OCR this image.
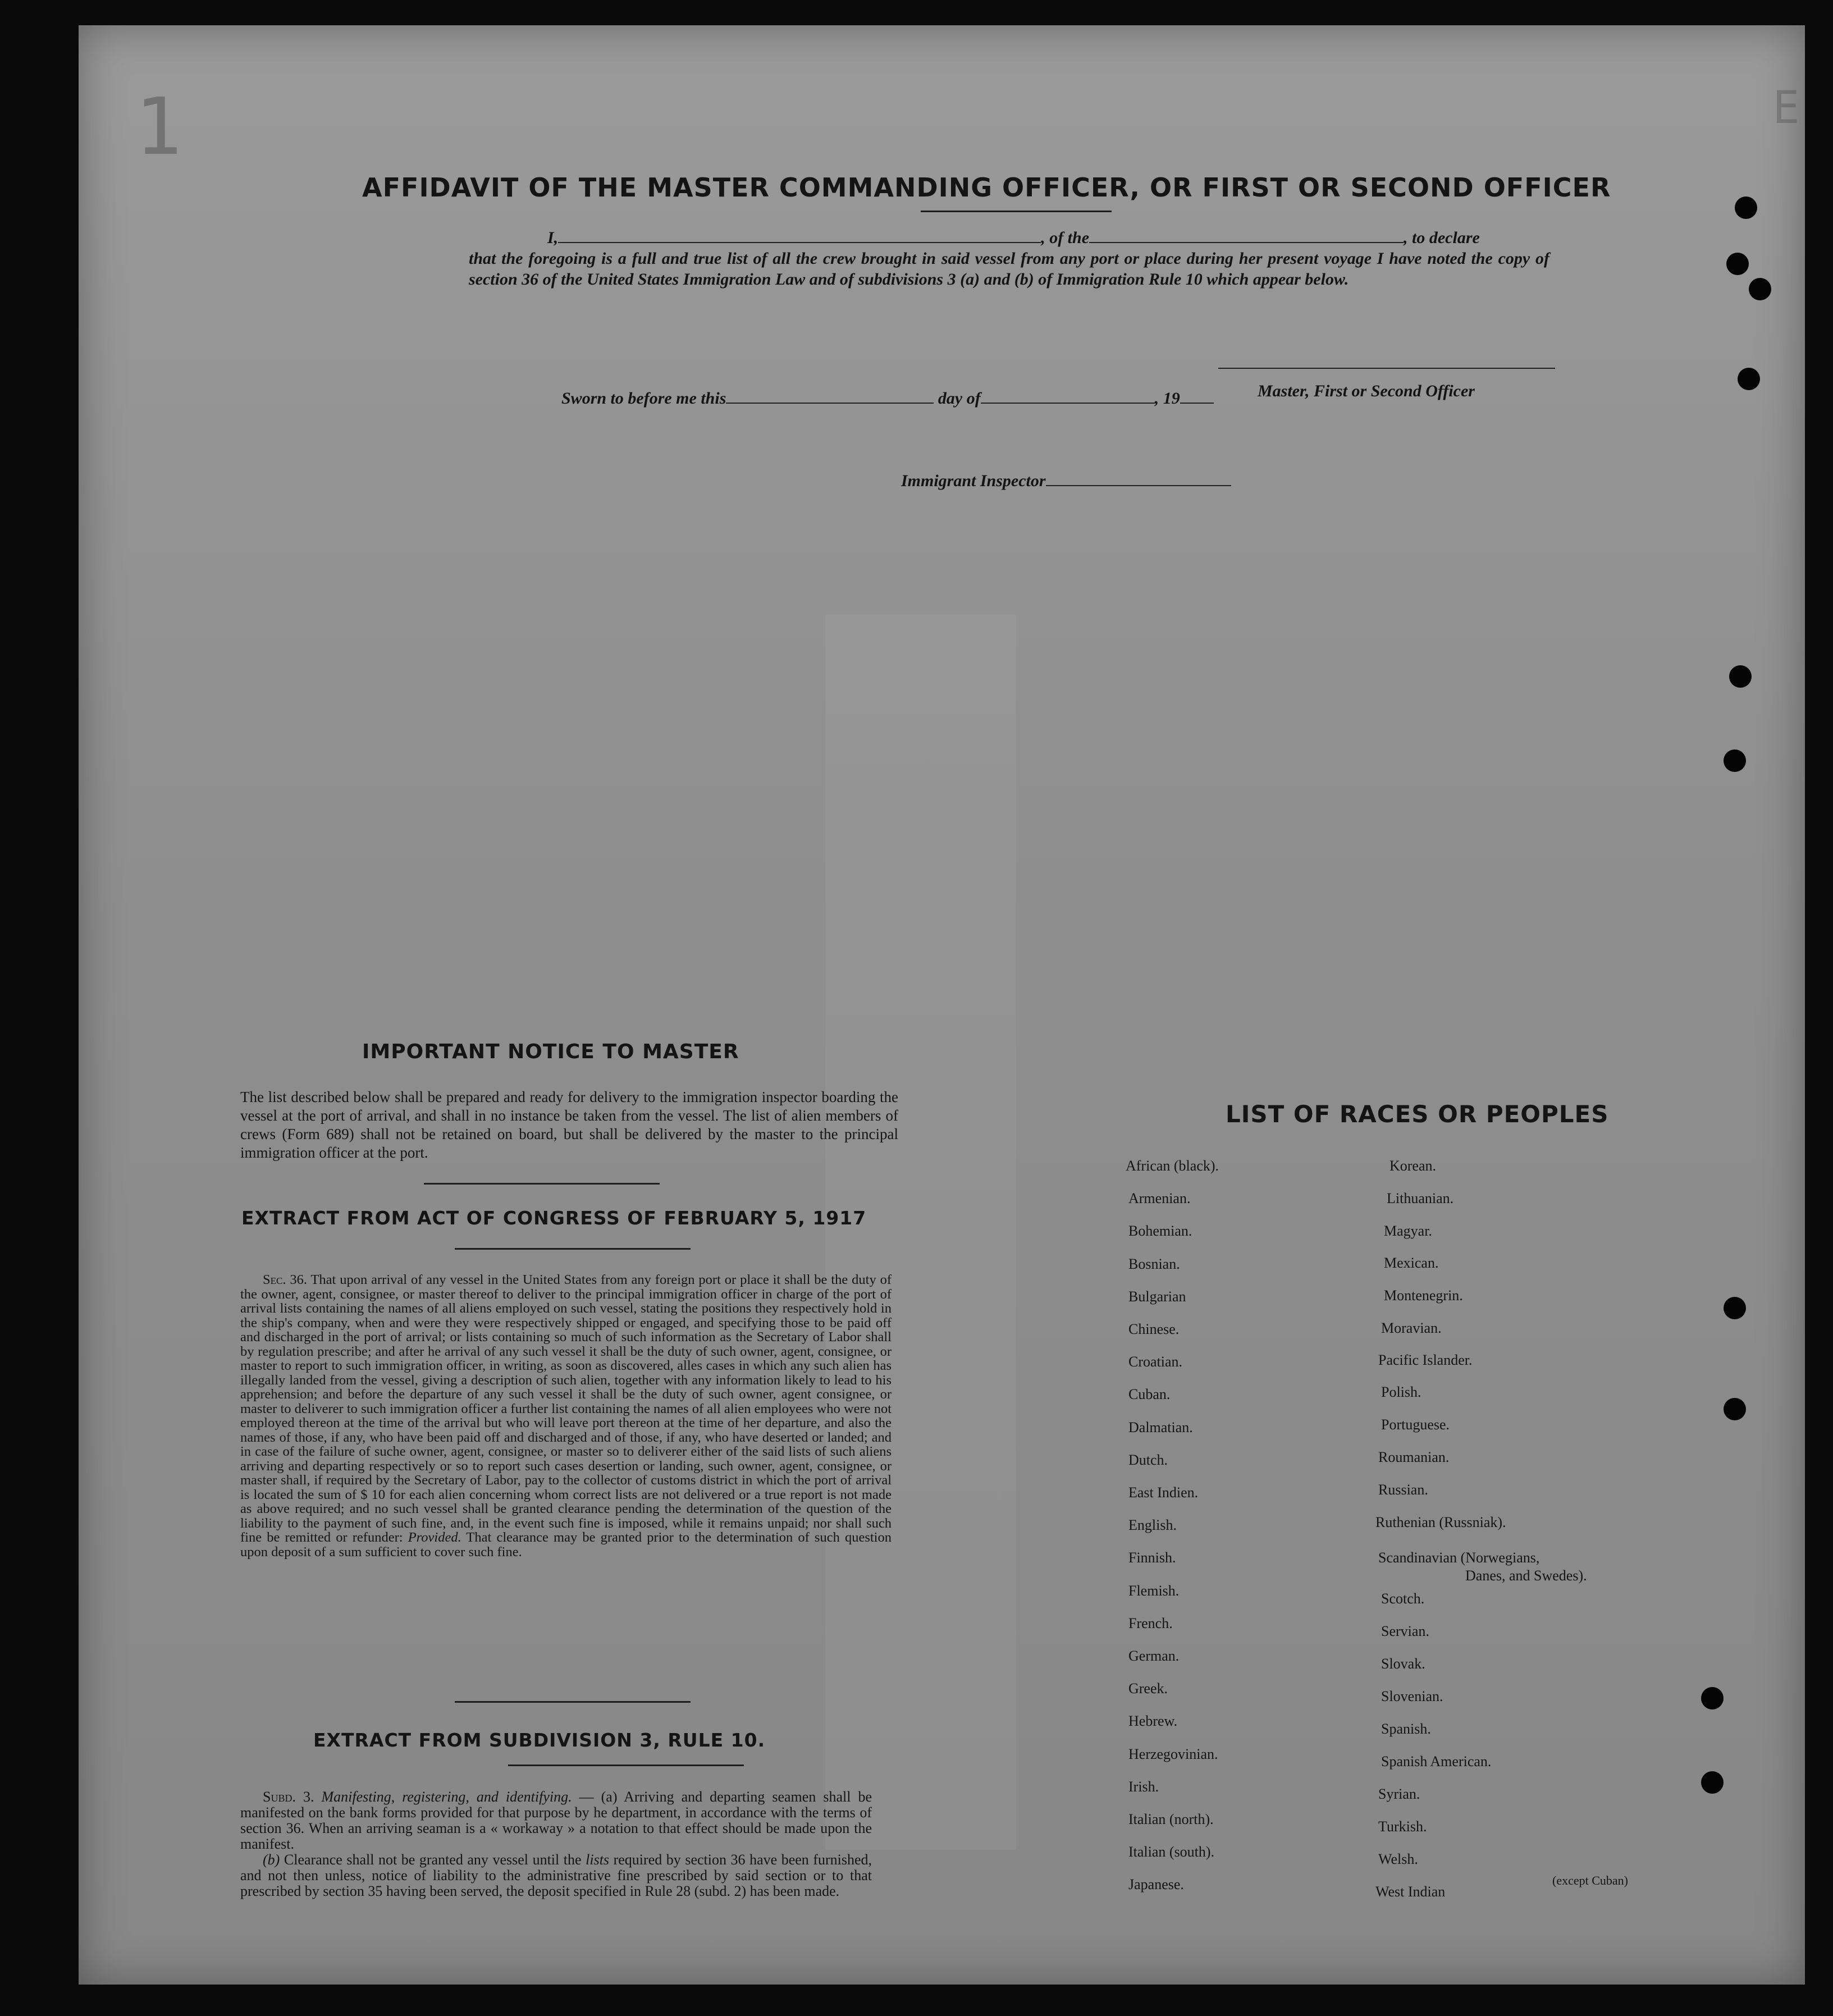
Ǝ
1
AFFIDAVIT OF THE MASTER COMMANDING OFFICER, OR FIRST OR SECOND OFFICER
I,	, of the	, to declare
that the foregoing is a full and true list of all the crew brought in said vessel from any port or place during her present voyage I have noted the copy of section 36 of the United States Immigration Law and of subdivisions 3 (a) and (b) of Immigration Rule 10 which appear below.
Master, First or Second Officer
Sworn to before me this	day of	, 19
Immigrant Inspector
IMPORTANT NOTICE TO MASTER
The list described below shall be prepared and ready for delivery to the immigration inspector boarding the vessel at the port of arrival, and shall in no instance be taken from the vessel. The list of alien members of crews (Form 689) shall not be retained on board, but shall be delivered by the master to the principal immigration officer at the port.
EXTRACT FROM ACT OF CONGRESS OF FEBRUARY 5, 1917
Sec. 36. That upon arrival of any vessel in the United States from any foreign port or place it shall be the duty of the owner, agent, consignee, or master thereof to deliver to the principal immigration officer in charge of the port of arrival lists containing the names of all aliens employed on such vessel, stating the positions they respectively hold in the ship's company, when and were they were respectively shipped or engaged, and specifying those to be paid off and discharged in the port of arrival; or lists containing so much of such information as the Secretary of Labor shall by regulation prescribe; and after he arrival of any such vessel it shall be the duty of such owner, agent, consignee, or master to report to such immigration officer, in writing, as soon as discovered, alles cases in which any such alien has illegally landed from the vessel, giving a description of such alien, together with any information likely to lead to his apprehension; and before the departure of any such vessel it shall be the duty of such owner, agent consignee, or master to deliverer to such immigration officer a further list containing the names of all alien employees who were not employed thereon at the time of the arrival but who will leave port thereon at the time of her departure, and also the names of those, if any, who have been paid off and discharged and of those, if any, who have deserted or landed; and in case of the failure of suche owner, agent, consignee, or master so to deliverer either of the said lists of such aliens arriving and departing respectively or so to report such cases desertion or landing, such owner, agent, consignee, or master shall, if required by the Secretary of Labor, pay to the collector of customs district in which the port of arrival is located the sum of $ 10 for each alien concerning whom correct lists are not delivered or a true report is not made as above required; and no such vessel shall be granted clearance pending the determination of the question of the liability to the payment of such fine, and, in the event such fine is imposed, while it remains unpaid; nor shall such fine be remitted or refunder: Provided. That clearance may be granted prior to the determination of such question upon deposit of a sum sufficient to cover such fine.
EXTRACT FROM SUBDIVISION 3, RULE 10.
Subd. 3. Manifesting, registering, and identifying. — (a) Arriving and departing seamen shall be manifested on the bank forms provided for that purpose by he department, in accordance with the terms of section 36. When an arriving seaman is a « workaway » a notation to that effect should be made upon the manifest.
(b) Clearance shall not be granted any vessel until the lists required by section 36 have been furnished, and not then unless, notice of liability to the administrative fine prescribed by said section or to that prescribed by section 35 having been served, the deposit specified in Rule 28 (subd. 2) has been made.
LIST OF RACES OR PEOPLES
Danes, and Swedes).
(except Cuban)
African (black).
Armenian.
Bohemian.
Bosnian.
Bulgarian
Chinese.
Croatian.
Cuban.
Dalmatian.
Dutch.
East Indien.
English.
Finnish.
Flemish.
French.
German.
Greek.
Hebrew.
Herzegovinian.
Irish.
Italian (north).
Italian (south).
Japanese.
Korean.
Lithuanian.
Magyar.
Mexican.
Montenegrin.
Moravian.
Pacific Islander.
Polish.
Portuguese.
Roumanian.
Russian.
Ruthenian (Russniak).
Scandinavian (Norwegians,
Scotch.
Servian.
Slovak.
Slovenian.
Spanish.
Spanish American.
Syrian.
Turkish.
Welsh.
West Indian
